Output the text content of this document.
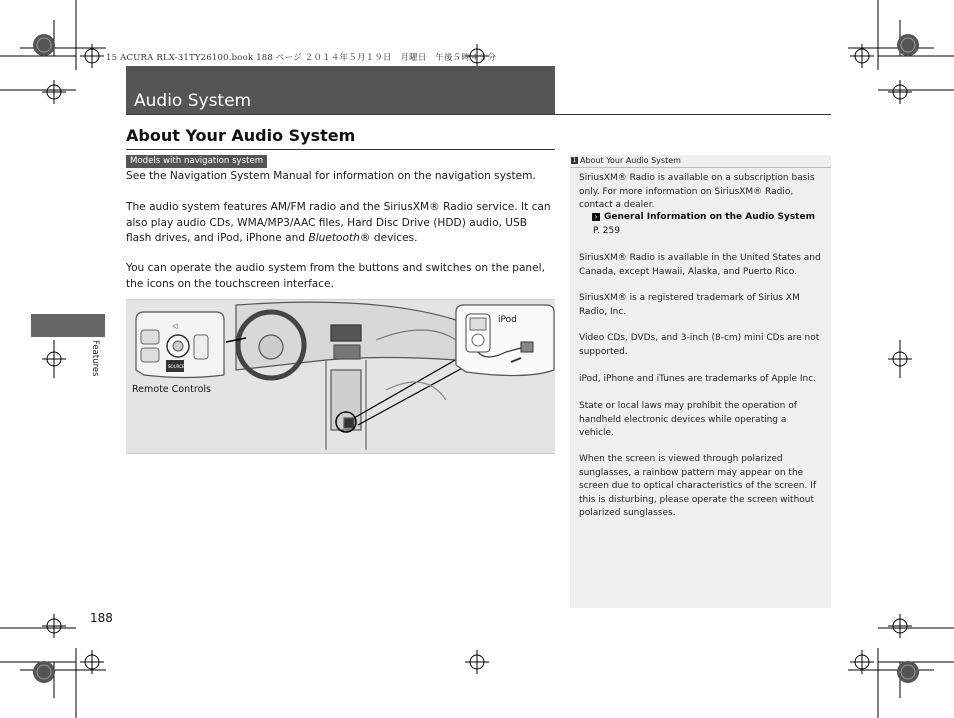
15 ACURA RLX-31TY26100.book 188 ページ ２０１４年５月１９日　月曜日　午後５時４３分
Audio System
About Your Audio System
Models with navigation system
See the Navigation System Manual for information on the navigation system.
The audio system features AM/FM radio and the SiriusXM® Radio service. It can also play audio CDs, WMA/MP3/AAC files, Hard Disc Drive (HDD) audio, USB flash drives, and iPod, iPhone and Bluetooth® devices.
You can operate the audio system from the buttons and switches on the panel, the icons on the touchscreen interface.
SOURCE
◁
Remote Controls
iPod
1 About Your Audio System
SiriusXM® Radio is available on a subscription basis only. For more information on SiriusXM® Radio, contact a dealer.
› General Information on the Audio System
P. 259
SiriusXM® Radio is available in the United States and Canada, except Hawaii, Alaska, and Puerto Rico.
SiriusXM® is a registered trademark of Sirius XM Radio, Inc.
Video CDs, DVDs, and 3-inch (8-cm) mini CDs are not supported.
iPod, iPhone and iTunes are trademarks of Apple Inc.
State or local laws may prohibit the operation of handheld electronic devices while operating a vehicle.
When the screen is viewed through polarized sunglasses, a rainbow pattern may appear on the screen due to optical characteristics of the screen. If this is disturbing, please operate the screen without polarized sunglasses.
Features
188
